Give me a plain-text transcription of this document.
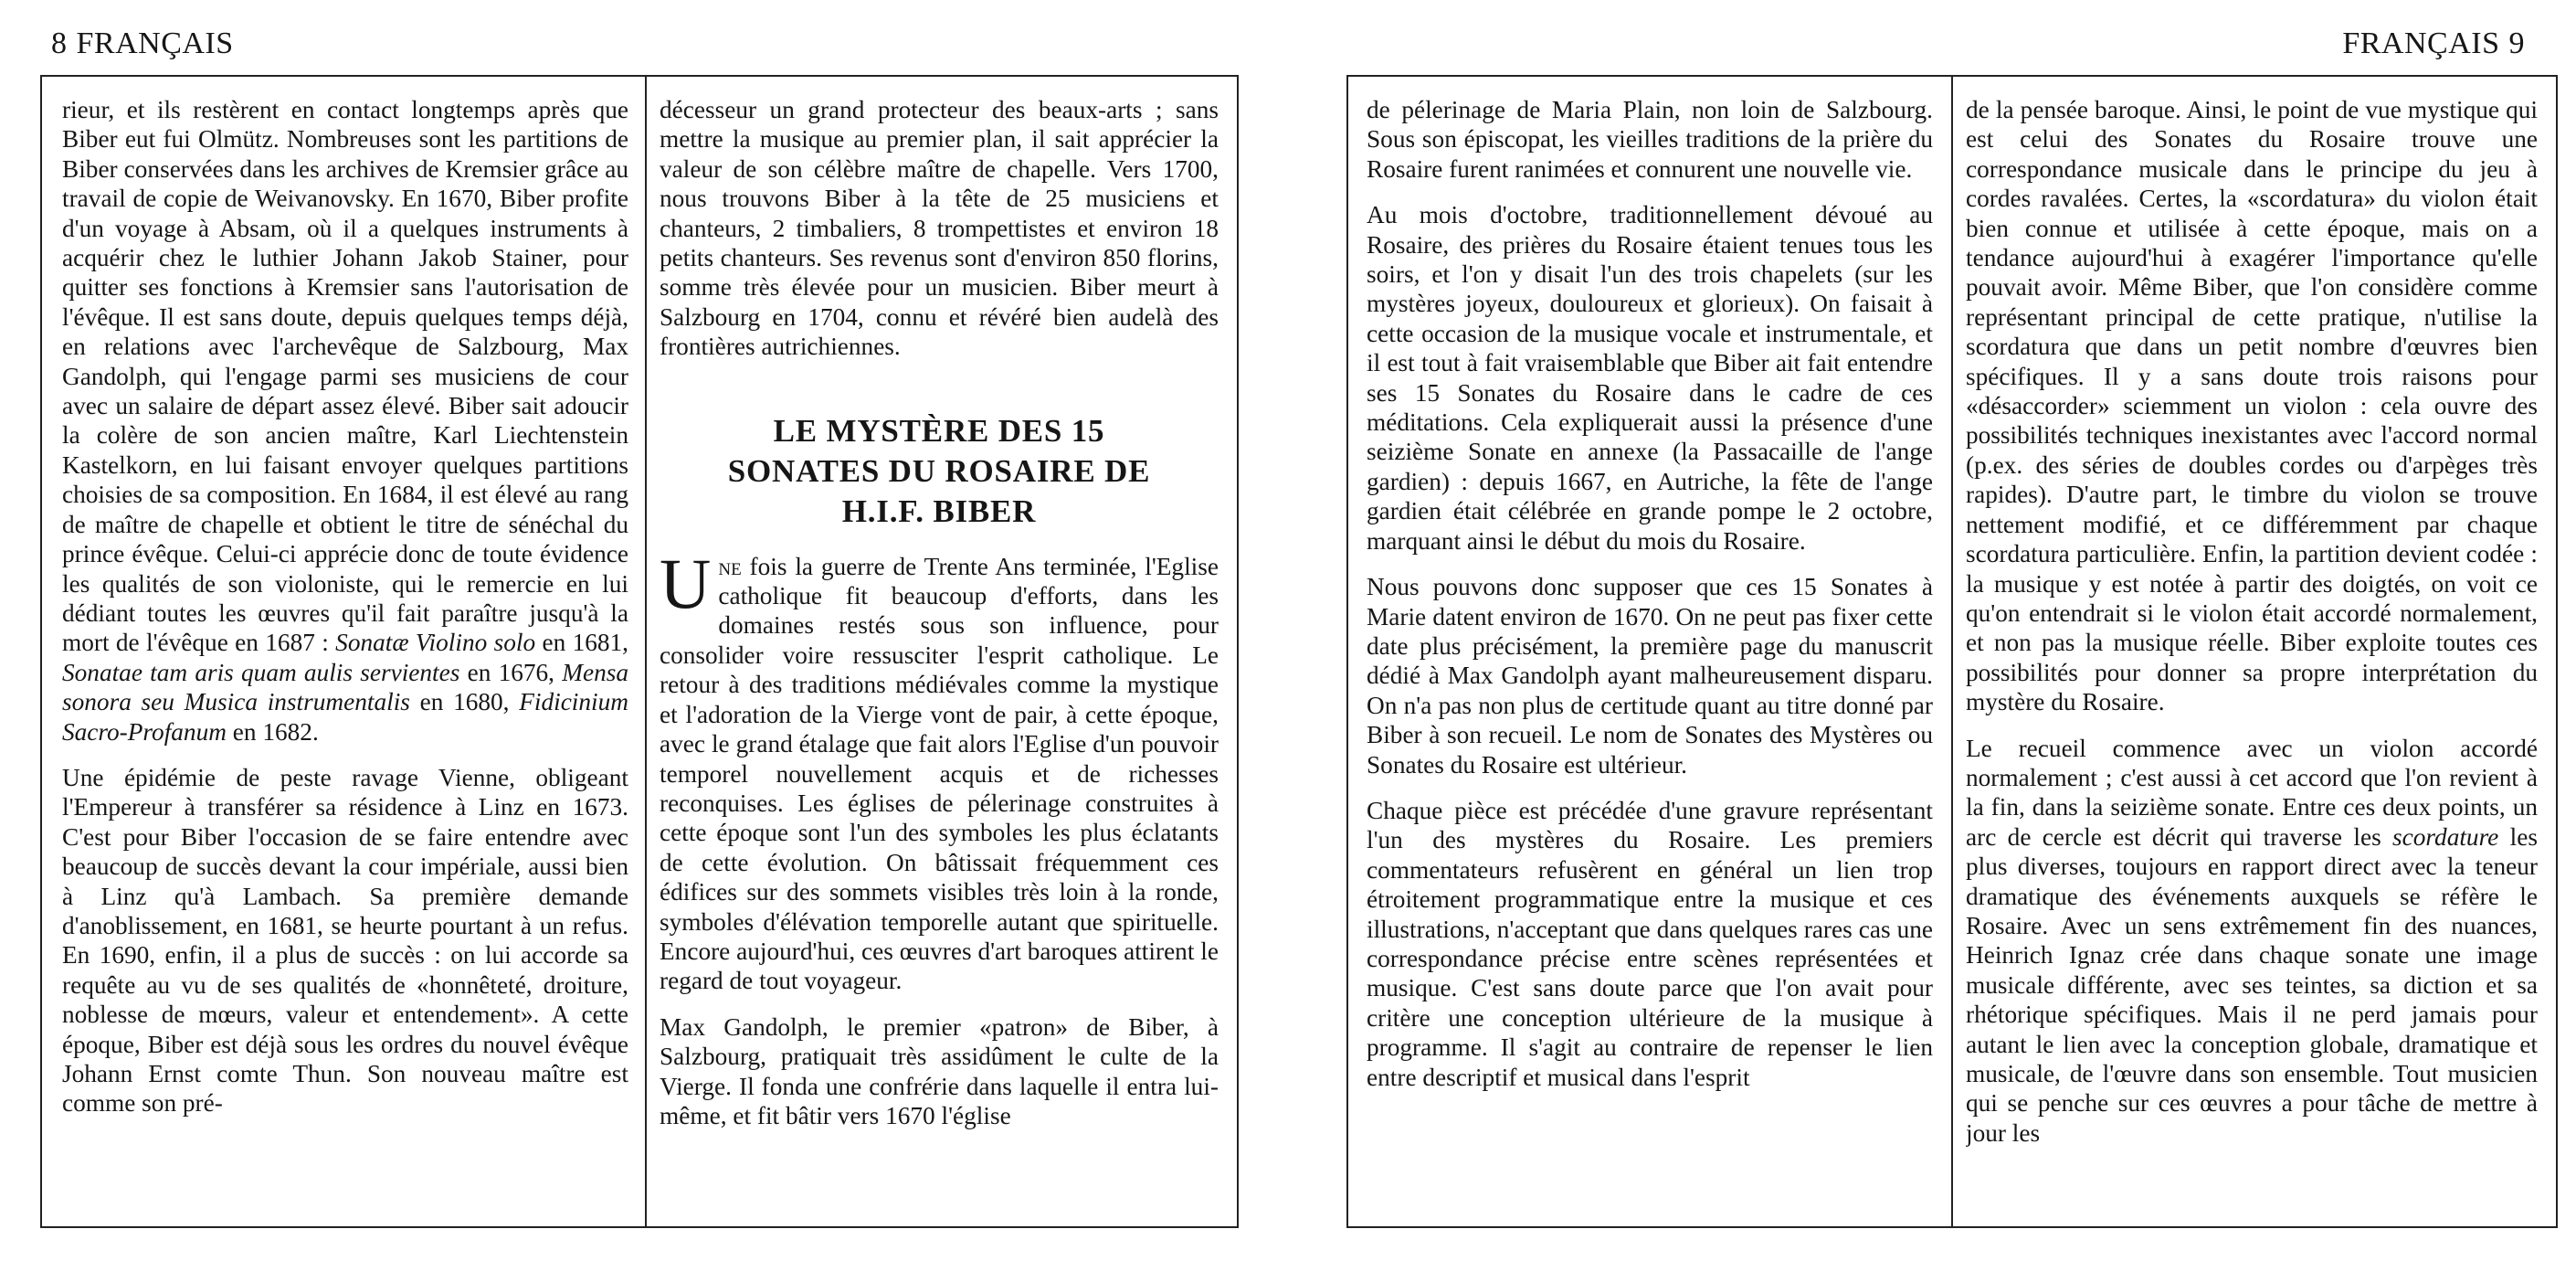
8 FRANÇAIS

rieur, et ils restèrent en contact longtemps après que Biber eut fui Olmütz. Nombreuses sont les partitions de Biber conservées dans les archives de Kremsier grâce au travail de copie de Weivanovsky. En 1670, Biber profite d'un voyage à Absam, où il a quelques instruments à acquérir chez le luthier Johann Jakob Stainer, pour quitter ses fonctions à Kremsier sans l'autorisation de l'évêque. Il est sans doute, depuis quelques temps déjà, en relations avec l'archevêque de Salzbourg, Max Gandolph, qui l'engage parmi ses musiciens de cour avec un salaire de départ assez élevé. Biber sait adoucir la colère de son ancien maître, Karl Liechtenstein Kastelkorn, en lui faisant envoyer quelques partitions choisies de sa composition. En 1684, il est élevé au rang de maître de chapelle et obtient le titre de sénéchal du prince évêque. Celui-ci apprécie donc de toute évidence les qualités de son violoniste, qui le remercie en lui dédiant toutes les œuvres qu'il fait paraître jusqu'à la mort de l'évêque en 1687 : Sonatæ Violino solo en 1681, Sonatae tam aris quam aulis servientes en 1676, Mensa sonora seu Musica instrumentalis en 1680, Fidicinium Sacro-Profanum en 1682.

Une épidémie de peste ravage Vienne, obligeant l'Empereur à transférer sa résidence à Linz en 1673. C'est pour Biber l'occasion de se faire entendre avec beaucoup de succès devant la cour impériale, aussi bien à Linz qu'à Lambach. Sa première demande d'anoblissement, en 1681, se heurte pourtant à un refus. En 1690, enfin, il a plus de succès : on lui accorde sa requête au vu de ses qualités de «honnêteté, droiture, noblesse de mœurs, valeur et entendement». A cette époque, Biber est déjà sous les ordres du nouvel évêque Johann Ernst comte Thun. Son nouveau maître est comme son pré-

décesseur un grand protecteur des beaux-arts ; sans mettre la musique au premier plan, il sait apprécier la valeur de son célèbre maître de chapelle. Vers 1700, nous trouvons Biber à la tête de 25 musiciens et chanteurs, 2 timbaliers, 8 trompettistes et environ 18 petits chanteurs. Ses revenus sont d'environ 850 florins, somme très élevée pour un musicien. Biber meurt à Salzbourg en 1704, connu et révéré bien audelà des frontières autrichiennes.

LE MYSTÈRE DES 15
SONATES DU ROSAIRE DE
H.I.F. BIBER

Une fois la guerre de Trente Ans terminée, l'Eglise catholique fit beaucoup d'efforts, dans les domaines restés sous son influence, pour consolider voire ressusciter l'esprit catholique. Le retour à des traditions médiévales comme la mystique et l'adoration de la Vierge vont de pair, à cette époque, avec le grand étalage que fait alors l'Eglise d'un pouvoir temporel nouvellement acquis et de richesses reconquises. Les églises de pélerinage construites à cette époque sont l'un des symboles les plus éclatants de cette évolution. On bâtissait fréquemment ces édifices sur des sommets visibles très loin à la ronde, symboles d'élévation temporelle autant que spirituelle. Encore aujourd'hui, ces œuvres d'art baroques attirent le regard de tout voyageur.

Max Gandolph, le premier «patron» de Biber, à Salzbourg, pratiquait très assidûment le culte de la Vierge. Il fonda une confrérie dans laquelle il entra lui-même, et fit bâtir vers 1670 l'église

FRANÇAIS 9

de pélerinage de Maria Plain, non loin de Salzbourg. Sous son épiscopat, les vieilles traditions de la prière du Rosaire furent ranimées et connurent une nouvelle vie.

Au mois d'octobre, traditionnellement dévoué au Rosaire, des prières du Rosaire étaient tenues tous les soirs, et l'on y disait l'un des trois chapelets (sur les mystères joyeux, douloureux et glorieux). On faisait à cette occasion de la musique vocale et instrumentale, et il est tout à fait vraisemblable que Biber ait fait entendre ses 15 Sonates du Rosaire dans le cadre de ces méditations. Cela expliquerait aussi la présence d'une seizième Sonate en annexe (la Passacaille de l'ange gardien) : depuis 1667, en Autriche, la fête de l'ange gardien était célébrée en grande pompe le 2 octobre, marquant ainsi le début du mois du Rosaire.

Nous pouvons donc supposer que ces 15 Sonates à Marie datent environ de 1670. On ne peut pas fixer cette date plus précisément, la première page du manuscrit dédié à Max Gandolph ayant malheureusement disparu. On n'a pas non plus de certitude quant au titre donné par Biber à son recueil. Le nom de Sonates des Mystères ou Sonates du Rosaire est ultérieur.

Chaque pièce est précédée d'une gravure représentant l'un des mystères du Rosaire. Les premiers commentateurs refusèrent en général un lien trop étroitement programmatique entre la musique et ces illustrations, n'acceptant que dans quelques rares cas une correspondance précise entre scènes représentées et musique. C'est sans doute parce que l'on avait pour critère une conception ultérieure de la musique à programme. Il s'agit au contraire de repenser le lien entre descriptif et musical dans l'esprit

de la pensée baroque. Ainsi, le point de vue mystique qui est celui des Sonates du Rosaire trouve une correspondance musicale dans le principe du jeu à cordes ravalées. Certes, la «scordatura» du violon était bien connue et utilisée à cette époque, mais on a tendance aujourd'hui à exagérer l'importance qu'elle pouvait avoir. Même Biber, que l'on considère comme représentant principal de cette pratique, n'utilise la scordatura que dans un petit nombre d'œuvres bien spécifiques. Il y a sans doute trois raisons pour «désaccorder» sciemment un violon : cela ouvre des possibilités techniques inexistantes avec l'accord normal (p.ex. des séries de doubles cordes ou d'arpèges très rapides). D'autre part, le timbre du violon se trouve nettement modifié, et ce différemment par chaque scordatura particulière. Enfin, la partition devient codée : la musique y est notée à partir des doigtés, on voit ce qu'on entendrait si le violon était accordé normalement, et non pas la musique réelle. Biber exploite toutes ces possibilités pour donner sa propre interprétation du mystère du Rosaire.

Le recueil commence avec un violon accordé normalement ; c'est aussi à cet accord que l'on revient à la fin, dans la seizième sonate. Entre ces deux points, un arc de cercle est décrit qui traverse les scordature les plus diverses, toujours en rapport direct avec la teneur dramatique des événements auxquels se réfère le Rosaire. Avec un sens extrêmement fin des nuances, Heinrich Ignaz crée dans chaque sonate une image musicale différente, avec ses teintes, sa diction et sa rhétorique spécifiques. Mais il ne perd jamais pour autant le lien avec la conception globale, dramatique et musicale, de l'œuvre dans son ensemble. Tout musicien qui se penche sur ces œuvres a pour tâche de mettre à jour les
